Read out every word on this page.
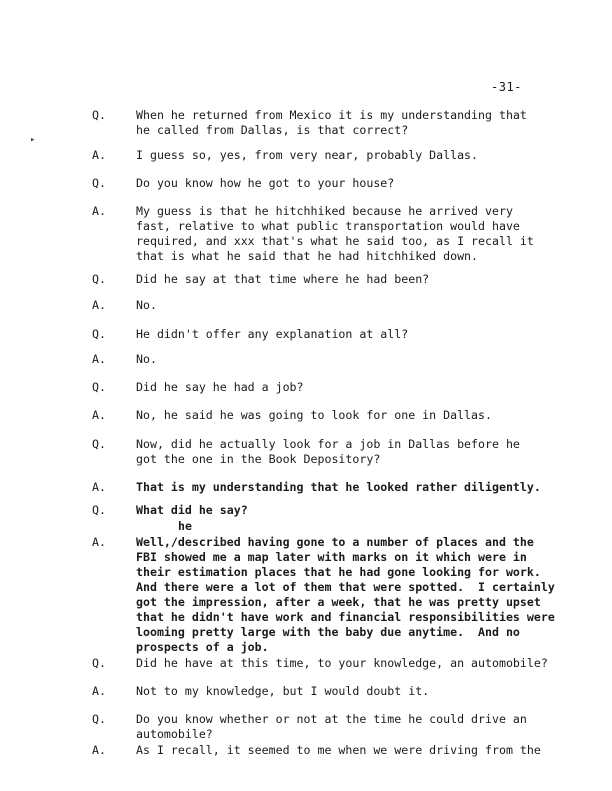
-31-
Q.	When he returned from Mexico it is my understanding that
he called from Dallas, is that correct?
A.	I guess so, yes, from very near, probably Dallas.
Q.	Do you know how he got to your house?
A.	My guess is that he hitchhiked because he arrived very
fast, relative to what public transportation would have
required, and xxx that's what he said too, as I recall it
that is what he said that he had hitchhiked down.
Q.	Did he say at that time where he had been?
A.	No.
Q.	He didn't offer any explanation at all?
A.	No.
Q.	Did he say he had a job?
A.	No, he said he was going to look for one in Dallas.
Q.	Now, did he actually look for a job in Dallas before he
got the one in the Book Depository?
A.	That is my understanding that he looked rather diligently.
Q.	What did he say?
A.
he
Well,/described having gone to a number of places and the
FBI showed me a map later with marks on it which were in
their estimation places that he had gone looking for work.
And there were a lot of them that were spotted.  I certainly
got the impression, after a week, that he was pretty upset
that he didn't have work and financial responsibilities were
looming pretty large with the baby due anytime.  And no
prospects of a job.
Q.	Did he have at this time, to your knowledge, an automobile?
A.	Not to my knowledge, but I would doubt it.
Q.	Do you know whether or not at the time he could drive an
automobile?
A.	As I recall, it seemed to me when we were driving from the
▸
